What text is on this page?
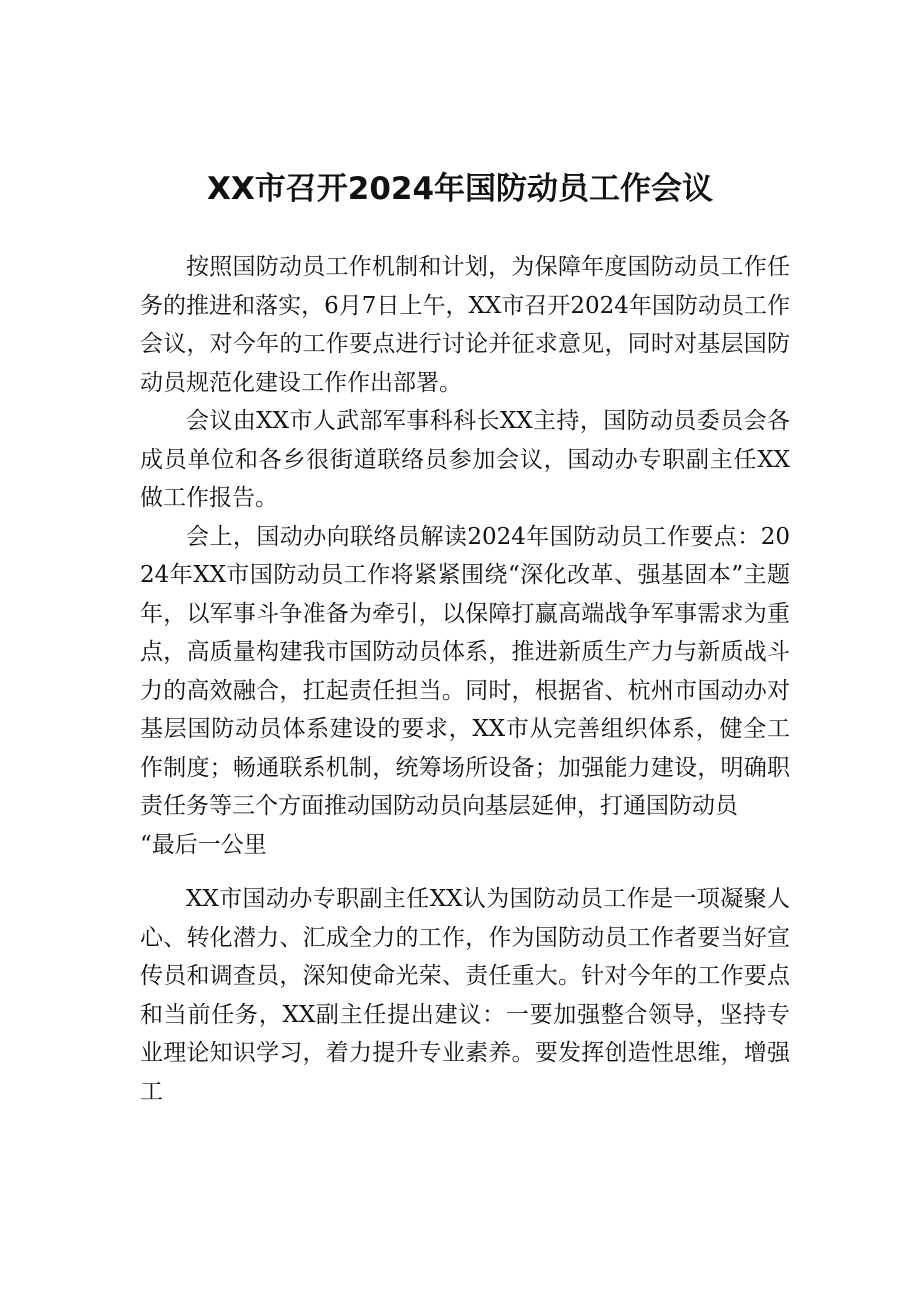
XX市召开2024年国防动员工作会议

按照国防动员工作机制和计划，为保障年度国防动员工作任务的推进和落实，6月7日上午，XX市召开2024年国防动员工作会议，对今年的工作要点进行讨论并征求意见，同时对基层国防动员规范化建设工作作出部署。

会议由XX市人武部军事科科长XX主持，国防动员委员会各成员单位和各乡很街道联络员参加会议，国动办专职副主任XX做工作报告。

会上，国动办向联络员解读2024年国防动员工作要点：2024年XX市国防动员工作将紧紧围绕“深化改革、强基固本”主题年，以军事斗争准备为牵引，以保障打赢高端战争军事需求为重点，高质量构建我市国防动员体系，推进新质生产力与新质战斗力的高效融合，扛起责任担当。同时，根据省、杭州市国动办对基层国防动员体系建设的要求，XX市从完善组织体系，健全工作制度；畅通联系机制，统筹场所设备；加强能力建设，明确职责任务等三个方面推动国防动员向基层延伸，打通国防动员

“最后一公里

XX市国动办专职副主任XX认为国防动员工作是一项凝聚人心、转化潜力、汇成全力的工作，作为国防动员工作者要当好宣传员和调查员，深知使命光荣、责任重大。针对今年的工作要点和当前任务，XX副主任提出建议：一要加强整合领导，坚持专业理论知识学习，着力提升专业素养。要发挥创造性思维，增强工
